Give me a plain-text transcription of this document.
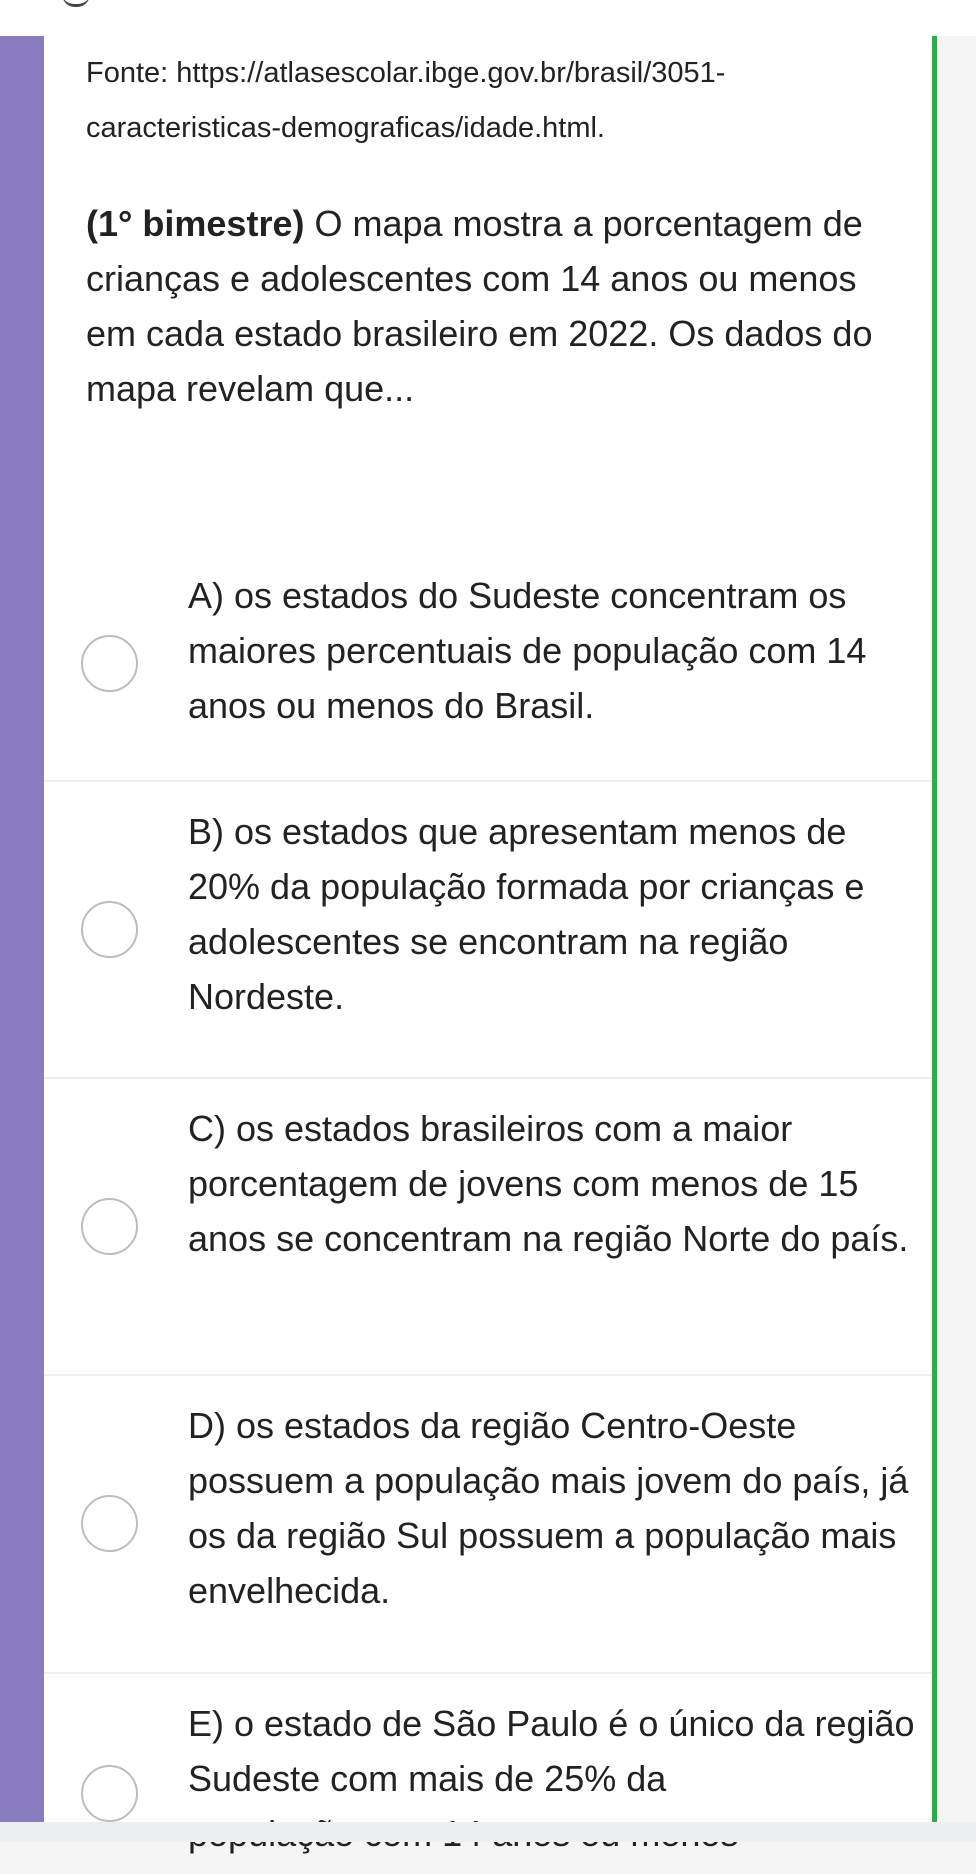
Fonte: https://atlasescolar.ibge.gov.br/brasil/3051-caracteristicas-demograficas/idade.html.

(1° bimestre) O mapa mostra a porcentagem de crianças e adolescentes com 14 anos ou menos em cada estado brasileiro em 2022. Os dados do mapa revelam que...

A) os estados do Sudeste concentram os maiores percentuais de população com 14 anos ou menos do Brasil.

B) os estados que apresentam menos de 20% da população formada por crianças e adolescentes se encontram na região Nordeste.

C) os estados brasileiros com a maior porcentagem de jovens com menos de 15 anos se concentram na região Norte do país.

D) os estados da região Centro-Oeste possuem a população mais jovem do país, já os da região Sul possuem a população mais envelhecida.

E) o estado de São Paulo é o único da região Sudeste com mais de 25% da
